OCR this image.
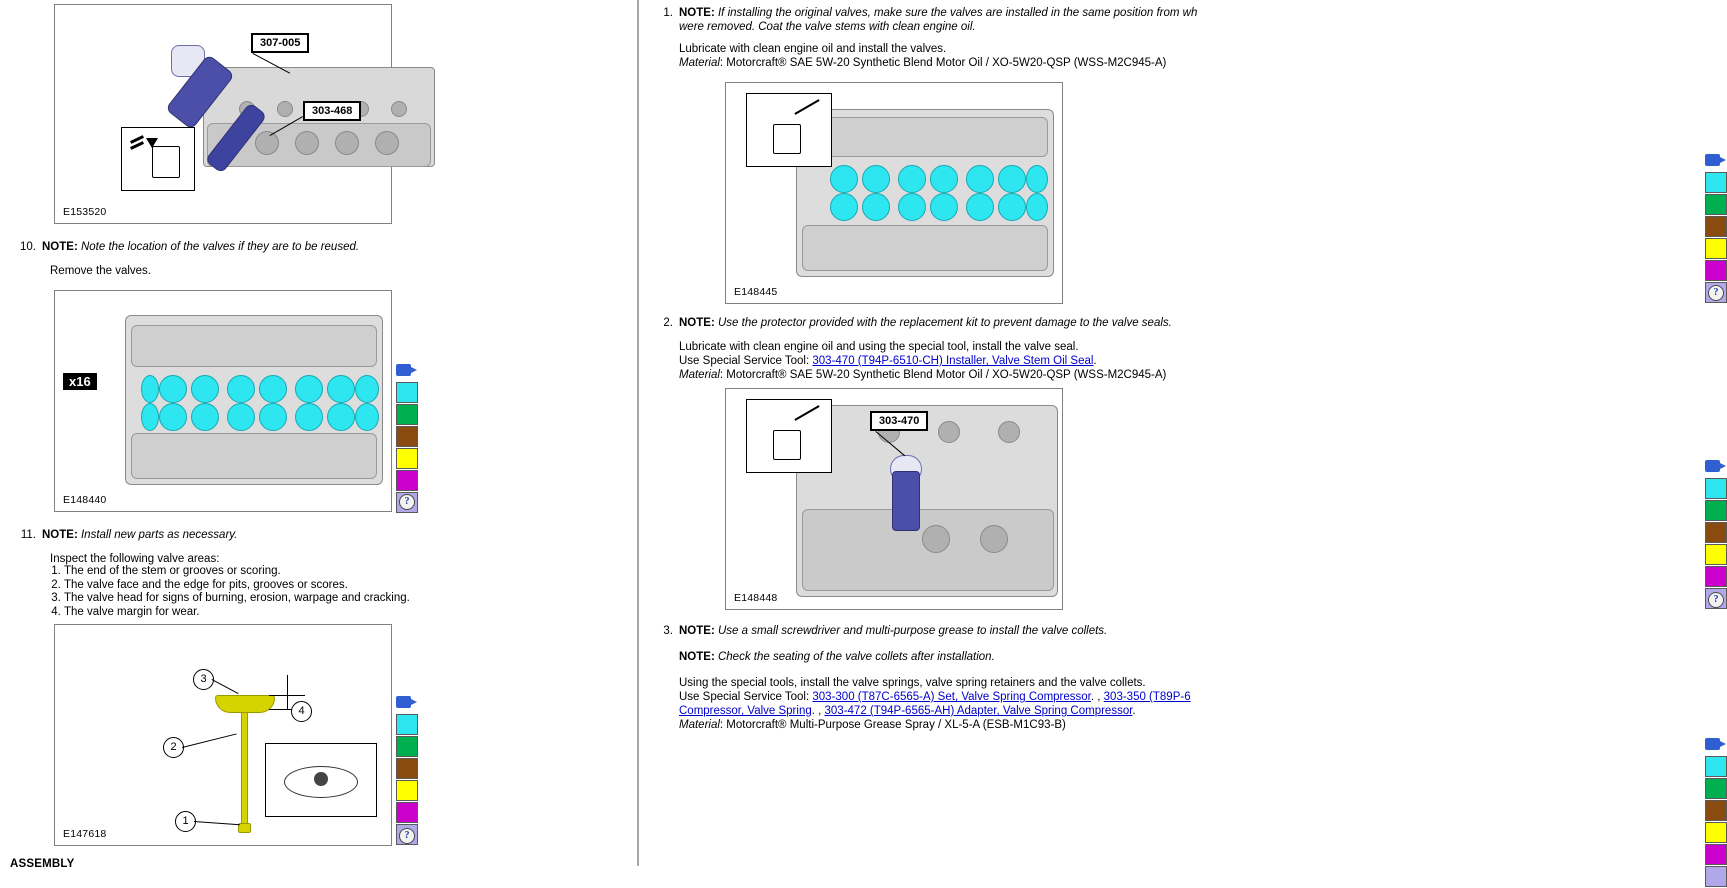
307-005
303-468
E153520
10. NOTE: Note the location of the valves if they are to be reused.
Remove the valves.
x16
E148440	?
11. NOTE: Install new parts as necessary.
Inspect the following valve areas:
1. The end of the stem or grooves or scoring.
2. The valve face and the edge for pits, grooves or scores.
3. The valve head for signs of burning, erosion, warpage and cracking.
4. The valve margin for wear.
3
4
2
1
E147618	?
ASSEMBLY
1. NOTE: If installing the original valves, make sure the valves are installed in the same position from wh were removed. Coat the valve stems with clean engine oil.
Lubricate with clean engine oil and install the valves.
Material: Motorcraft® SAE 5W-20 Synthetic Blend Motor Oil / XO-5W20-QSP (WSS-M2C945-A)
E148445	?
2. NOTE: Use the protector provided with the replacement kit to prevent damage to the valve seals.
Lubricate with clean engine oil and using the special tool, install the valve seal.
Use Special Service Tool: 303-470 (T94P-6510-CH) Installer, Valve Stem Oil Seal.
Material: Motorcraft® SAE 5W-20 Synthetic Blend Motor Oil / XO-5W20-QSP (WSS-M2C945-A)
303-470
E148448	?
3. NOTE: Use a small screwdriver and multi-purpose grease to install the valve collets.
NOTE: Check the seating of the valve collets after installation.
Using the special tools, install the valve springs, valve spring retainers and the valve collets.
Use Special Service Tool: 303-300 (T87C-6565-A) Set, Valve Spring Compressor. , 303-350 (T89P-6 Compressor, Valve Spring. , 303-472 (T94P-6565-AH) Adapter, Valve Spring Compressor.
Material: Motorcraft® Multi-Purpose Grease Spray / XL-5-A (ESB-M1C93-B)
